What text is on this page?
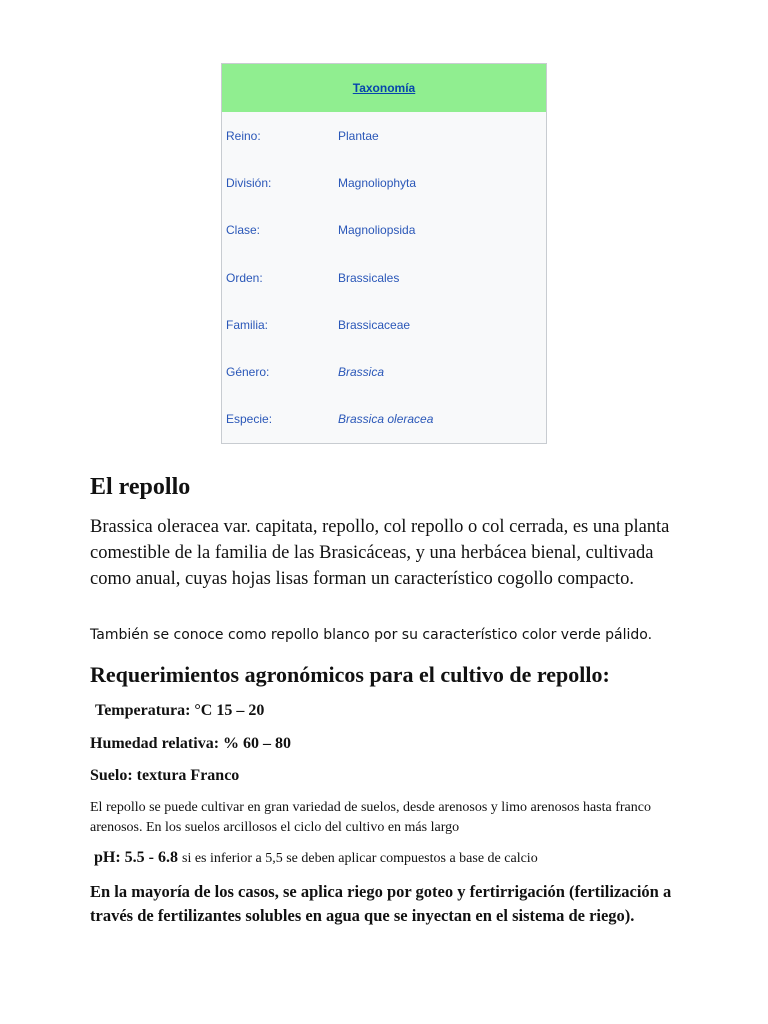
Taxonomía
Reino:	Plantae
División:	Magnoliophyta
Clase:	Magnoliopsida
Orden:	Brassicales
Familia:	Brassicaceae
Género:	Brassica
Especie:	Brassica oleracea
El repollo

Brassica oleracea var. capitata, repollo, col repollo o col cerrada, es una planta comestible de la familia de las Brasicáceas, y una herbácea bienal, cultivada como anual, cuyas hojas lisas forman un característico cogollo compacto.

También se conoce como repollo blanco por su característico color verde pálido.

Requerimientos agronómicos para el cultivo de repollo:

Temperatura: °C 15 – 20

Humedad relativa: % 60 – 80

Suelo: textura Franco

El repollo se puede cultivar en gran variedad de suelos, desde arenosos y limo arenosos hasta franco arenosos. En los suelos arcillosos el ciclo del cultivo en más largo

pH: 5.5 - 6.8 si es inferior a 5,5 se deben aplicar compuestos a base de calcio

En la mayoría de los casos, se aplica riego por goteo y fertirrigación (fertilización a través de fertilizantes solubles en agua que se inyectan en el sistema de riego).
